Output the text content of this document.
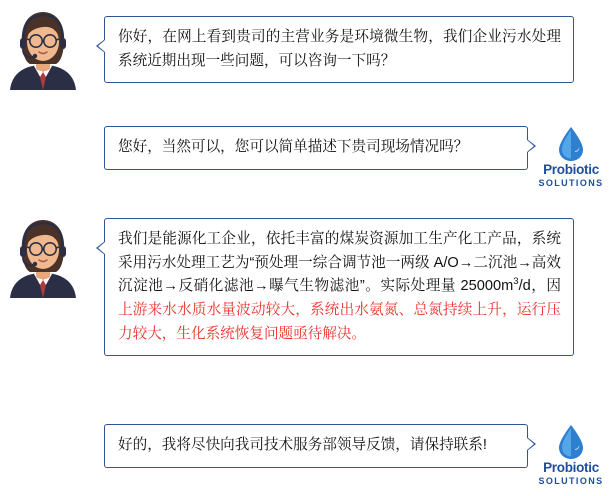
你好，在网上看到贵司的主营业务是环境微生物，我们企业污水处理系统近期出现一些问题，可以咨询一下吗？
您好，当然可以，您可以简单描述下贵司现场情况吗？
Probiotic
SOLUTIONS
我们是能源化工企业，依托丰富的煤炭资源加工生产化工产品，系统采用污水处理工艺为“预处理一综合调节池一两级 A/O→二沉池→高效沉淀池→反硝化滤池→曝气生物滤池”。实际处理量 $25000m^3/d$，因 上游来水水质水量波动较大，系统出水氨氮、总氮持续上升，运行压力较大，生化系统恢复问题亟待解决。
好的，我将尽快向我司技术服务部领导反馈，请保持联系!
Probiotic
SOLUTIONS
